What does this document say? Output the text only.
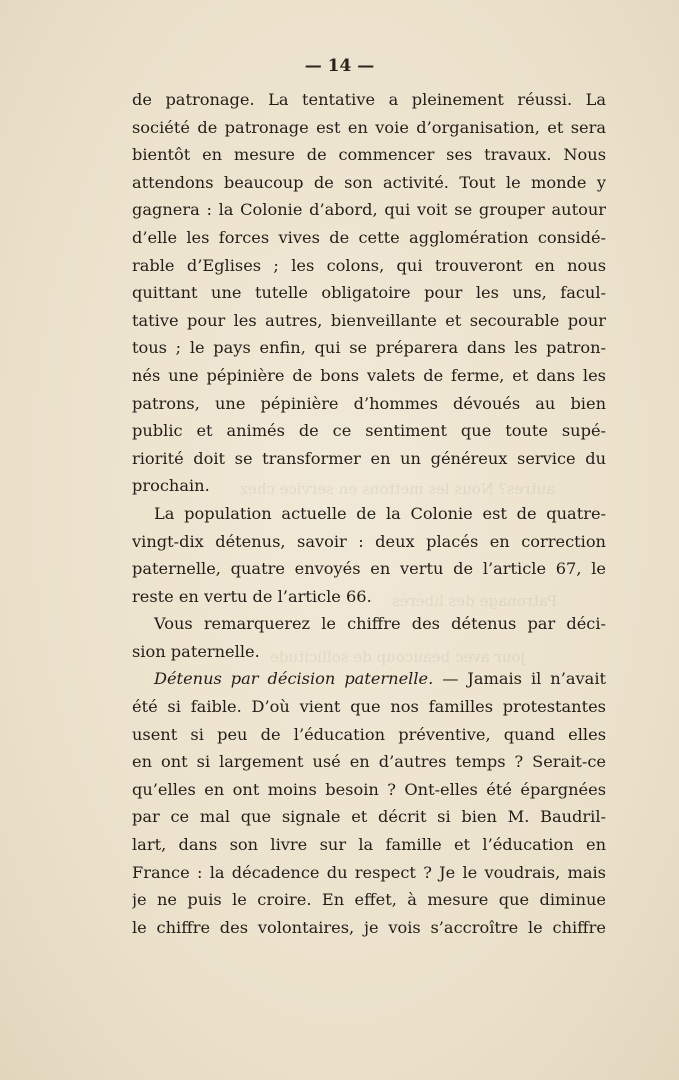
autres? Nous les mettons en service chez
Patronage des libérés
jour avec beaucoup de sollicitude
— 14 —
de patronage. La tentative a pleinement réussi. La
société de patronage est en voie d’organisation, et sera
bientôt en mesure de commencer ses travaux. Nous
attendons beaucoup de son activité. Tout le monde y
gagnera : la Colonie d’abord, qui voit se grouper autour
d’elle les forces vives de cette agglomération considé-
rable d’Eglises ; les colons, qui trouveront en nous
quittant une tutelle obligatoire pour les uns, facul-
tative pour les autres, bienveillante et secourable pour
tous ; le pays enfin, qui se préparera dans les patron-
nés une pépinière de bons valets de ferme, et dans les
patrons, une pépinière d’hommes dévoués au bien
public et animés de ce sentiment que toute supé-
riorité doit se transformer en un généreux service du
prochain.
La population actuelle de la Colonie est de quatre-
vingt-dix détenus, savoir : deux placés en correction
paternelle, quatre envoyés en vertu de l’article 67, le
reste en vertu de l’article 66.
Vous remarquerez le chiffre des détenus par déci-
sion paternelle.
Détenus par décision paternelle. — Jamais il n’avait
été si faible. D’où vient que nos familles protestantes
usent si peu de l’éducation préventive, quand elles
en ont si largement usé en d’autres temps ? Serait-ce
qu’elles en ont moins besoin ? Ont-elles été épargnées
par ce mal que signale et décrit si bien M. Baudril-
lart, dans son livre sur la famille et l’éducation en
France : la décadence du respect ? Je le voudrais, mais
je ne puis le croire. En effet, à mesure que diminue
le chiffre des volontaires, je vois s’accroître le chiffre
